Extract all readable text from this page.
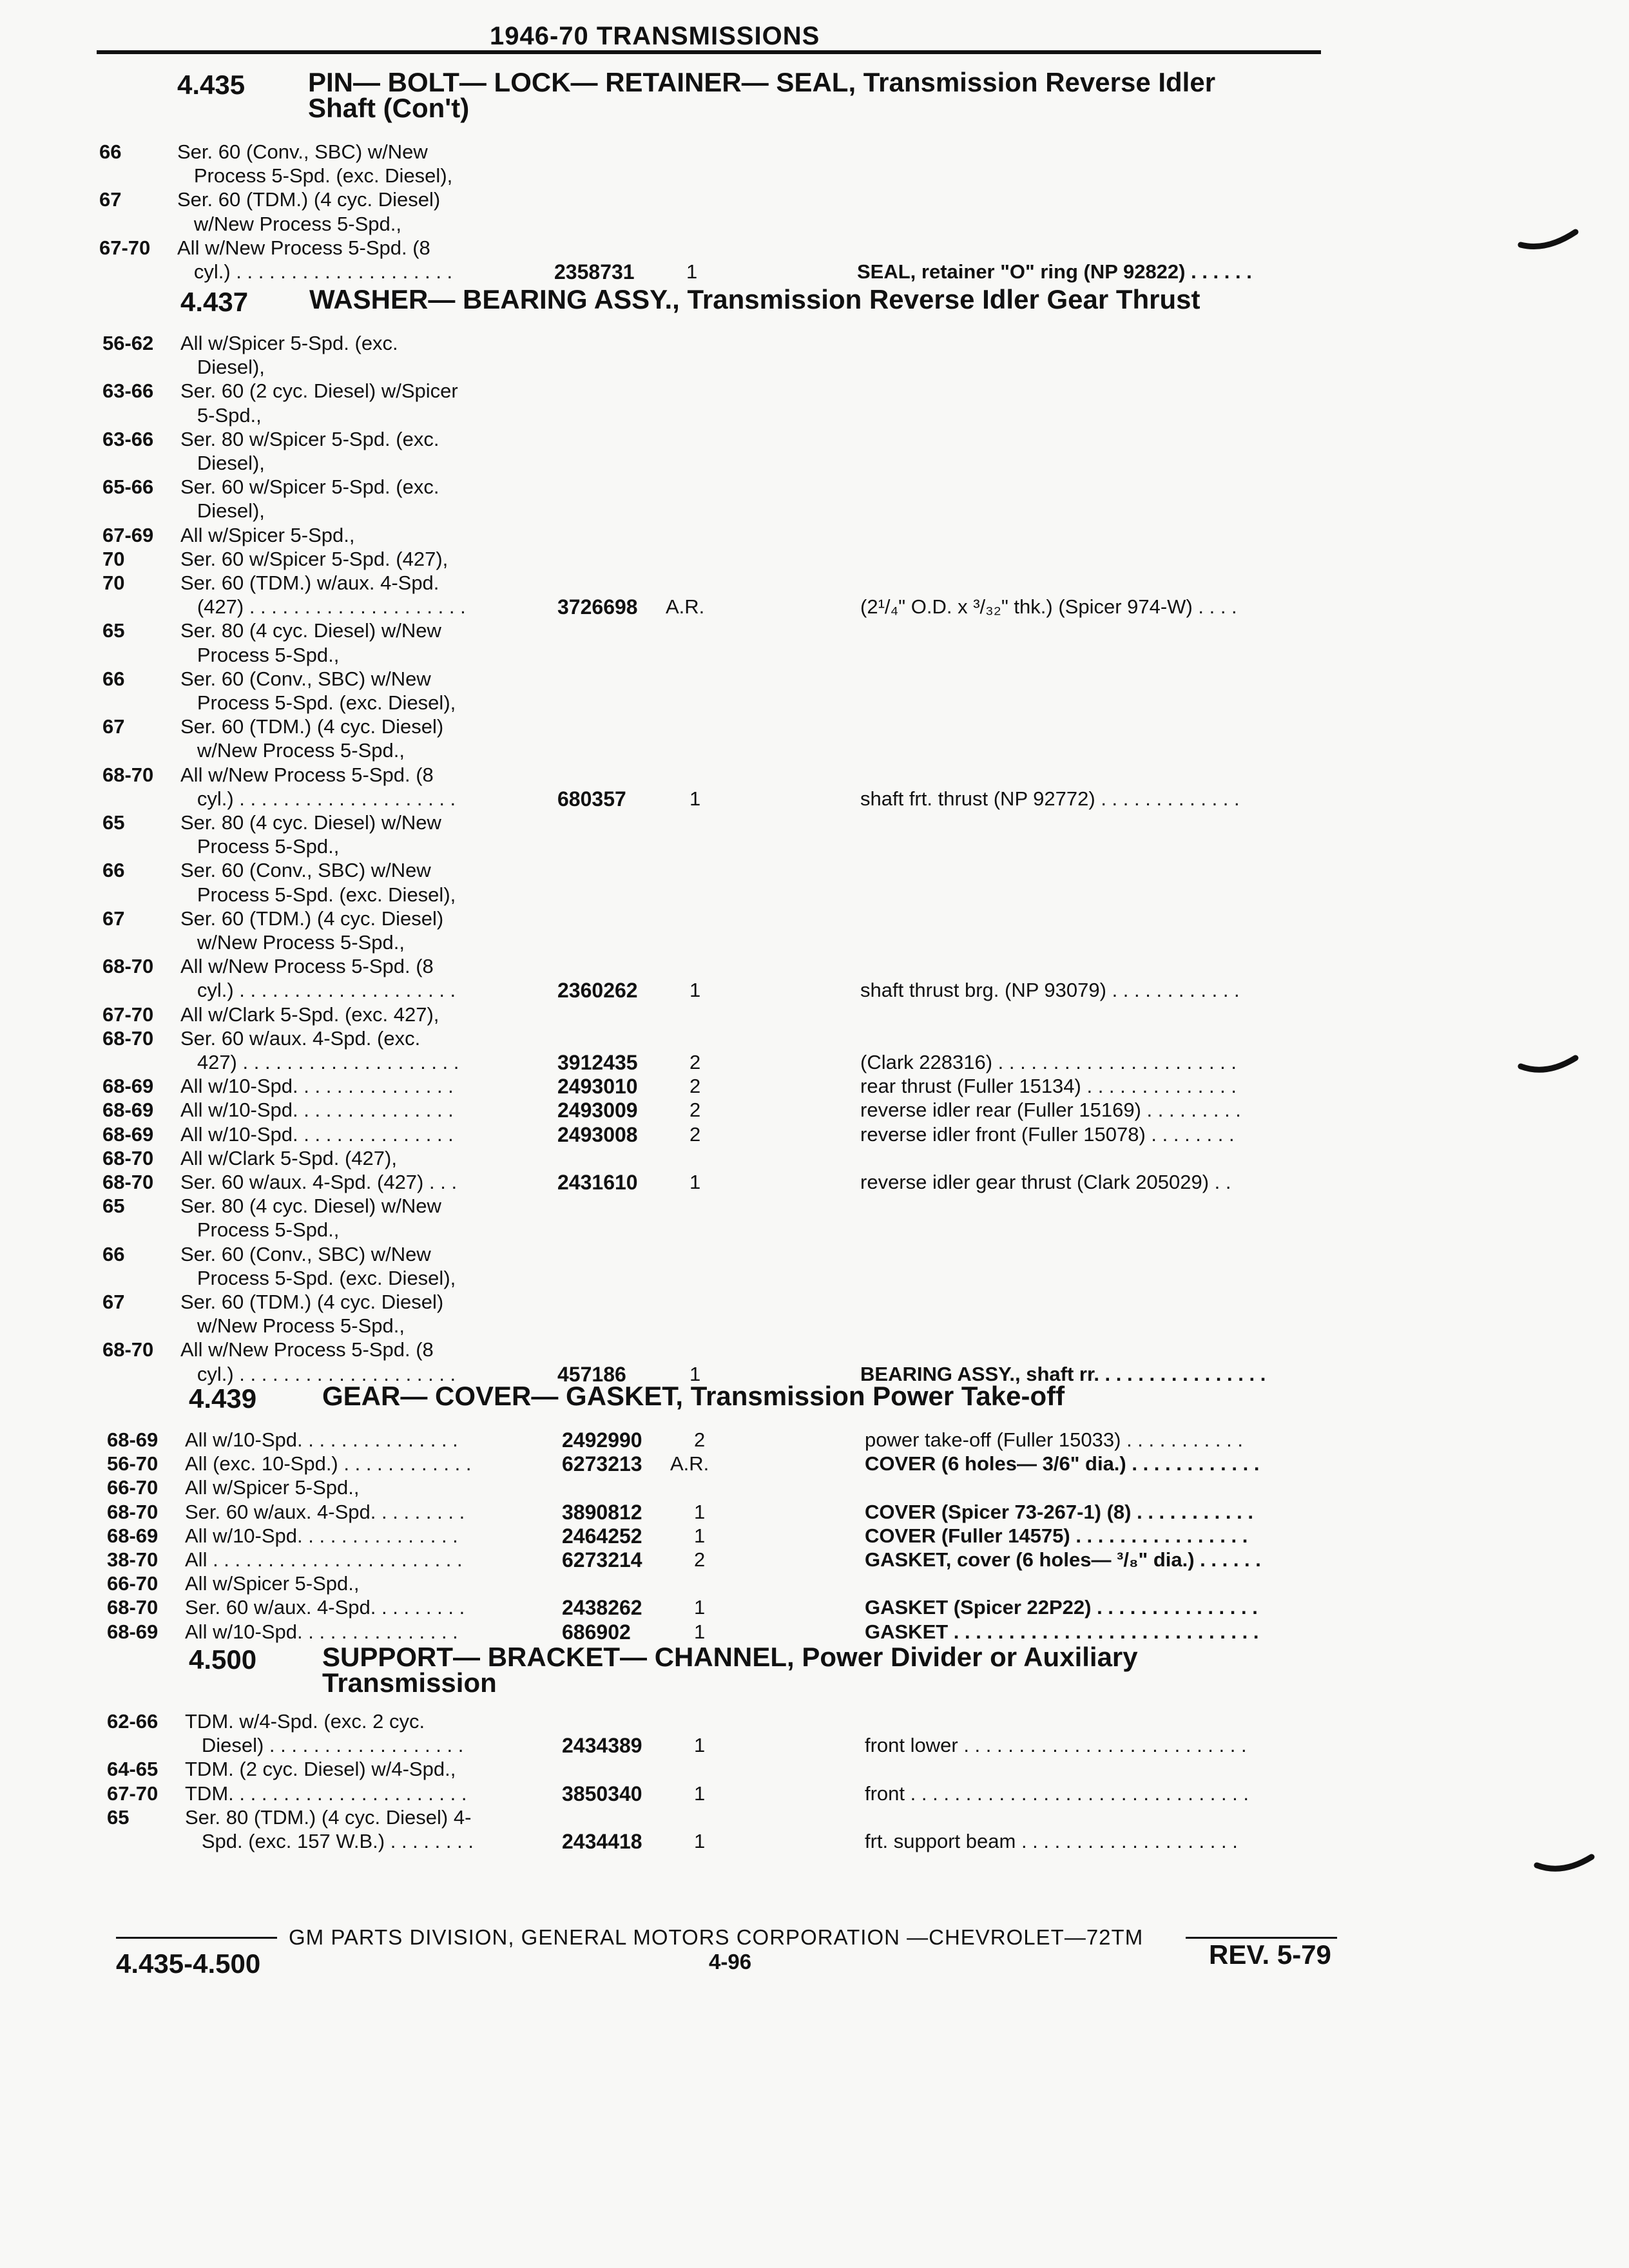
1946-70 TRANSMISSIONS
4.435 PIN— BOLT— LOCK— RETAINER— SEAL, Transmission Reverse Idler
Shaft (Con't)
66	Ser. 60 (Conv., SBC) w/New
Process 5-Spd. (exc. Diesel),
67	Ser. 60 (TDM.) (4 cyc. Diesel)
w/New Process 5-Spd.,
67-70 All w/New Process 5-Spd. (8
cyl.) . . . . . . . . . . . . . . . . . . . .	2358731	1	SEAL, retainer "O" ring (NP 92822) . . . . . .
4.437 WASHER— BEARING ASSY., Transmission Reverse Idler Gear Thrust
56-62 All w/Spicer 5-Spd. (exc.
Diesel),
63-66 Ser. 60 (2 cyc. Diesel) w/Spicer
5-Spd.,
63-66 Ser. 80 w/Spicer 5-Spd. (exc.
Diesel),
65-66 Ser. 60 w/Spicer 5-Spd. (exc.
Diesel),
67-69 All w/Spicer 5-Spd.,
70	Ser. 60 w/Spicer 5-Spd. (427),
70	Ser. 60 (TDM.) w/aux. 4-Spd.
(427) . . . . . . . . . . . . . . . . . . . .	3726698 A.R.	(2¹/₄" O.D. x ³/₃₂" thk.) (Spicer 974-W) . . . .
65	Ser. 80 (4 cyc. Diesel) w/New
Process 5-Spd.,
66	Ser. 60 (Conv., SBC) w/New
Process 5-Spd. (exc. Diesel),
67	Ser. 60 (TDM.) (4 cyc. Diesel)
w/New Process 5-Spd.,
68-70 All w/New Process 5-Spd. (8
cyl.) . . . . . . . . . . . . . . . . . . . .	680357	1	shaft frt. thrust (NP 92772) . . . . . . . . . . . . .
65	Ser. 80 (4 cyc. Diesel) w/New
Process 5-Spd.,
66	Ser. 60 (Conv., SBC) w/New
Process 5-Spd. (exc. Diesel),
67	Ser. 60 (TDM.) (4 cyc. Diesel)
w/New Process 5-Spd.,
68-70 All w/New Process 5-Spd. (8
cyl.) . . . . . . . . . . . . . . . . . . . .	2360262	1	shaft thrust brg. (NP 93079) . . . . . . . . . . . .
67-70 All w/Clark 5-Spd. (exc. 427),
68-70 Ser. 60 w/aux. 4-Spd. (exc.
427) . . . . . . . . . . . . . . . . . . . .	3912435	2	(Clark 228316) . . . . . . . . . . . . . . . . . . . . . .
68-69 All w/10-Spd. . . . . . . . . . . . . . .	2493010	2	rear thrust (Fuller 15134) . . . . . . . . . . . . . .
68-69 All w/10-Spd. . . . . . . . . . . . . . .	2493009	2	reverse idler rear (Fuller 15169) . . . . . . . . .
68-69 All w/10-Spd. . . . . . . . . . . . . . .	2493008	2	reverse idler front (Fuller 15078) . . . . . . . .
68-70 All w/Clark 5-Spd. (427),
68-70 Ser. 60 w/aux. 4-Spd. (427) . . .	2431610	1	reverse idler gear thrust (Clark 205029) . .
65	Ser. 80 (4 cyc. Diesel) w/New
Process 5-Spd.,
66	Ser. 60 (Conv., SBC) w/New
Process 5-Spd. (exc. Diesel),
67	Ser. 60 (TDM.) (4 cyc. Diesel)
w/New Process 5-Spd.,
68-70 All w/New Process 5-Spd. (8
cyl.) . . . . . . . . . . . . . . . . . . . .	457186	1	BEARING ASSY., shaft rr. . . . . . . . . . . . . . . .
4.439 GEAR— COVER— GASKET, Transmission Power Take-off
68-69 All w/10-Spd. . . . . . . . . . . . . . .	2492990	2	power take-off (Fuller 15033) . . . . . . . . . . .
56-70 All (exc. 10-Spd.) . . . . . . . . . . . .	6273213 A.R.	COVER (6 holes— 3/6" dia.) . . . . . . . . . . . .
66-70 All w/Spicer 5-Spd.,
68-70 Ser. 60 w/aux. 4-Spd. . . . . . . . .	3890812	1	COVER (Spicer 73-267-1) (8) . . . . . . . . . . .
68-69 All w/10-Spd. . . . . . . . . . . . . . .	2464252	1	COVER (Fuller 14575) . . . . . . . . . . . . . . . .
38-70 All . . . . . . . . . . . . . . . . . . . . . . .	6273214	2	GASKET, cover (6 holes— ³/₈" dia.) . . . . . .
66-70 All w/Spicer 5-Spd.,
68-70 Ser. 60 w/aux. 4-Spd. . . . . . . . .	2438262	1	GASKET (Spicer 22P22) . . . . . . . . . . . . . . .
68-69 All w/10-Spd. . . . . . . . . . . . . . .	686902	1	GASKET . . . . . . . . . . . . . . . . . . . . . . . . . . . .
4.500 SUPPORT— BRACKET— CHANNEL, Power Divider or Auxiliary
Transmission
62-66 TDM. w/4-Spd. (exc. 2 cyc.
Diesel) . . . . . . . . . . . . . . . . . .	2434389	1	front lower . . . . . . . . . . . . . . . . . . . . . . . . . .
64-65 TDM. (2 cyc. Diesel) w/4-Spd.,
67-70 TDM. . . . . . . . . . . . . . . . . . . . . .	3850340	1	front . . . . . . . . . . . . . . . . . . . . . . . . . . . . . . .
65	Ser. 80 (TDM.) (4 cyc. Diesel) 4-
Spd. (exc. 157 W.B.) . . . . . . . .	2434418	1	frt. support beam . . . . . . . . . . . . . . . . . . . .
GM PARTS DIVISION, GENERAL MOTORS CORPORATION —CHEVROLET—72TM
4.435-4.500	4-96	REV. 5-79
